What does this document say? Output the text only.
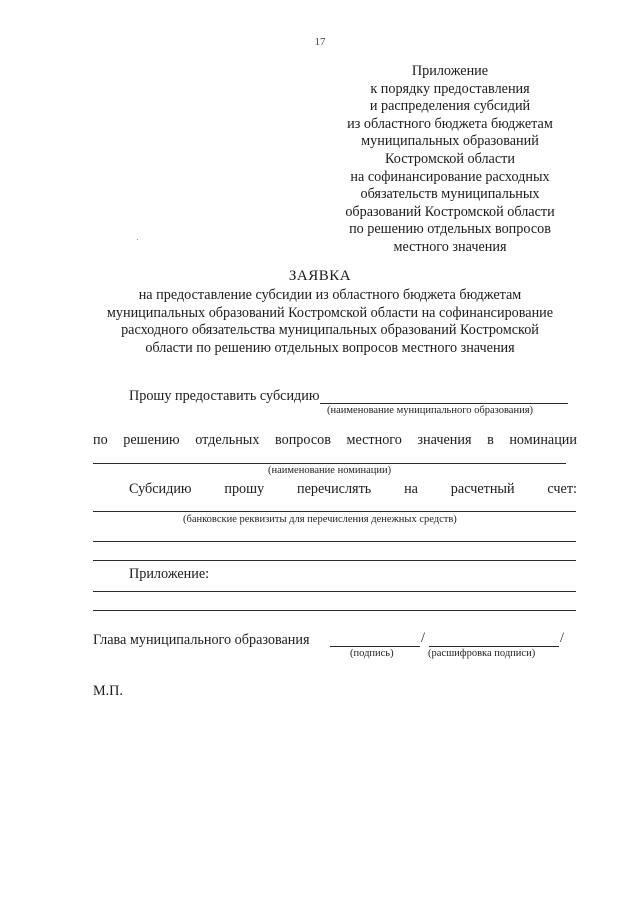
17
Приложение
к порядку предоставления
и распределения субсидий
из областного бюджета бюджетам
муниципальных образований
Костромской области
на софинансирование расходных
обязательств муниципальных
образований Костромской области
по решению отдельных вопросов
местного значения
ЗАЯВКА
на предоставление субсидии из областного бюджета бюджетам
муниципальных образований Костромской области на софинансирование
расходного обязательства муниципальных образований Костромской
области по решению отдельных вопросов местного значения
Прошу предоставить субсидию
(наименование муниципального образования)
по решению отдельных вопросов местного значения в номинации
(наименование номинации)
Субсидию прошу перечислять на расчетный счет:
(банковские реквизиты для перечисления денежных средств)
Приложение:
Глава муниципального образования	/	/
(подпись)	(расшифровка подписи)
М.П.
